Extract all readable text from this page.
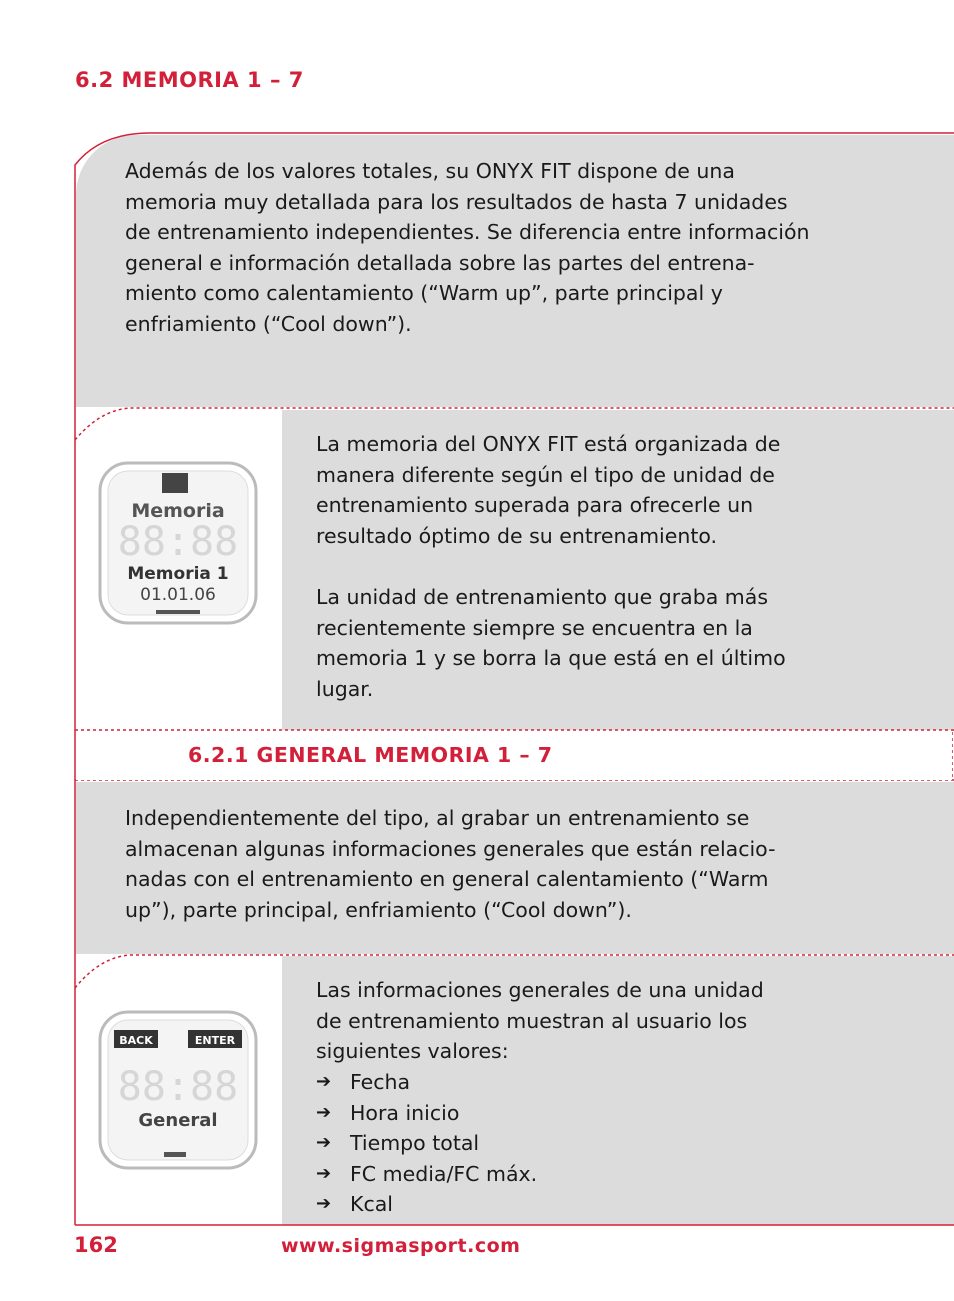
6.2 MEMORIA 1 – 7
Además de los valores totales, su ONYX FIT dispone de una
memoria muy detallada para los resultados de hasta 7 unidades
de entrenamiento independientes. Se diferencia entre información
general e información detallada sobre las partes del entrena-
miento como calentamiento (“Warm up”, parte principal y
enfriamiento (“Cool down”).
Memoria
88:88
Memoria 1
01.01.06
La memoria del ONYX FIT está organizada de
manera diferente según el tipo de unidad de
entrenamiento superada para ofrecerle un
resultado óptimo de su entrenamiento.
La unidad de entrenamiento que graba más
recientemente siempre se encuentra en la
memoria 1 y se borra la que está en el último
lugar.
6.2.1 GENERAL MEMORIA 1 – 7
Independientemente del tipo, al grabar un entrenamiento se
almacenan algunas informaciones generales que están relacio-
nadas con el entrenamiento en general calentamiento (“Warm
up”), parte principal, enfriamiento (“Cool down”).
BACK	ENTER
88:88
General
Las informaciones generales de una unidad
de entrenamiento muestran al usuario los
siguientes valores:
➔ Fecha
➔ Hora inicio
➔ Tiempo total
➔ FC media/FC máx.
➔ Kcal
162	www.sigmasport.com
